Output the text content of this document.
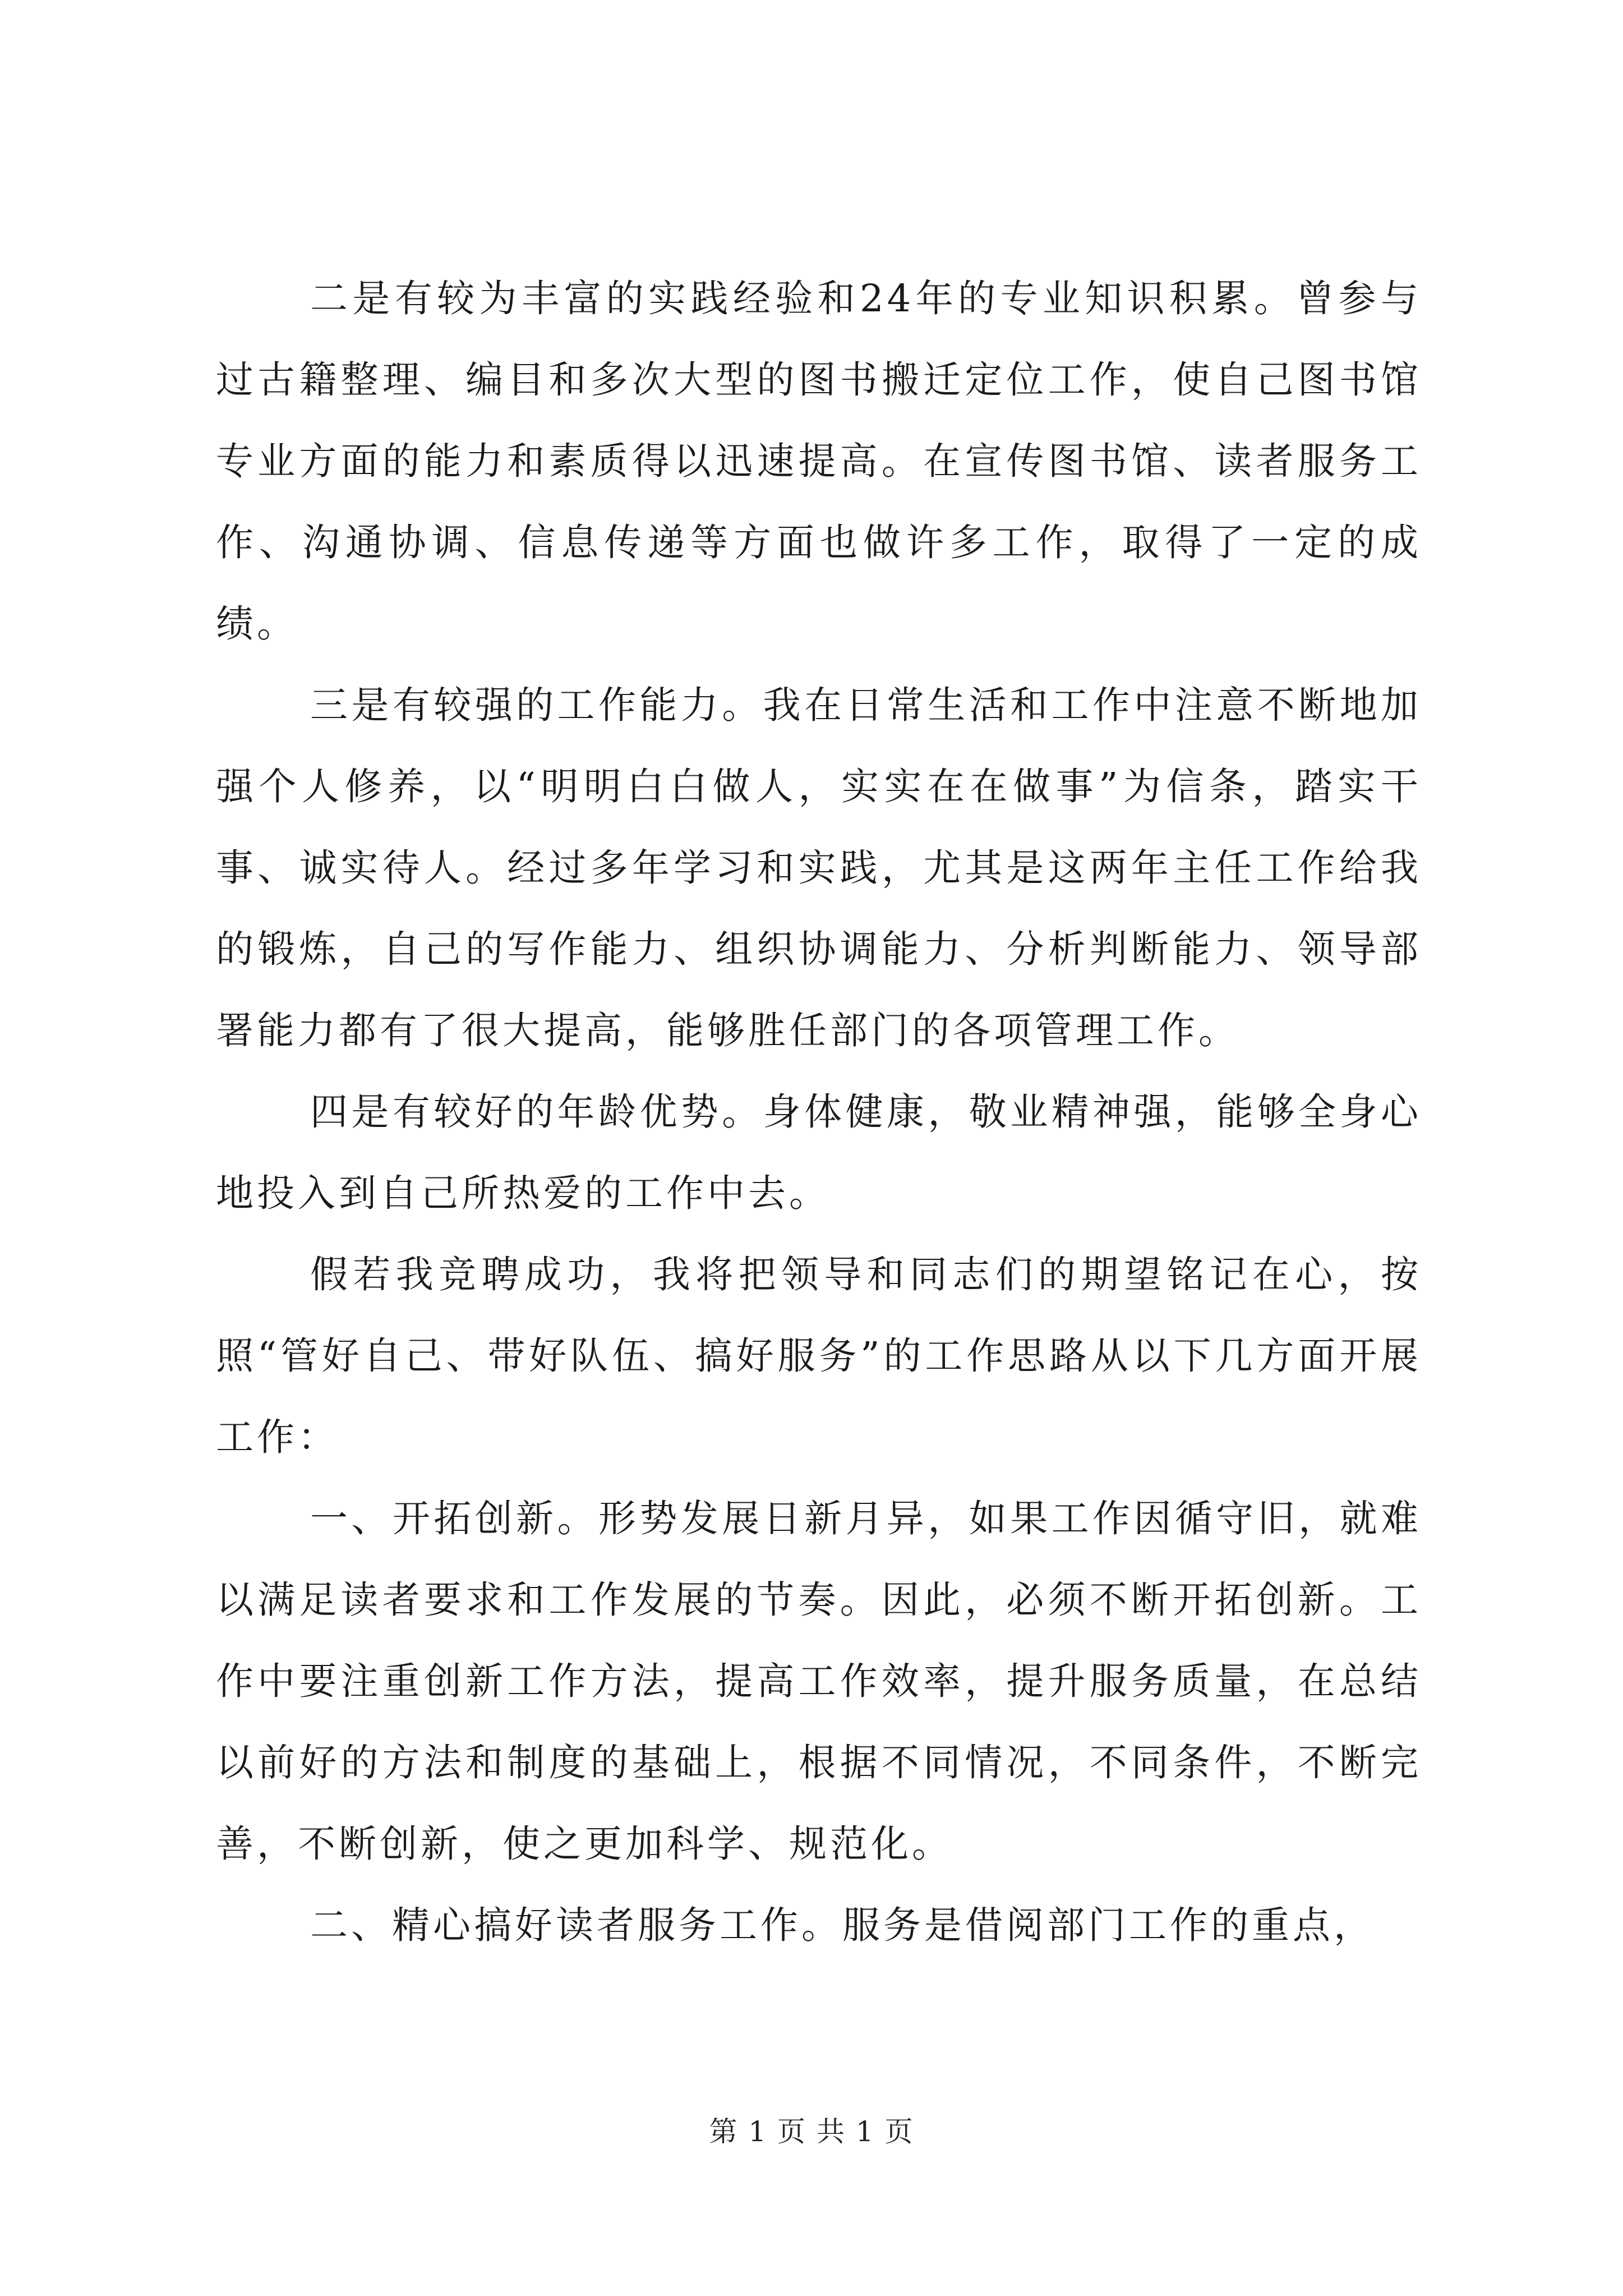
二是有较为丰富的实践经验和24年的专业知识积累。曾参与过古籍整理、编目和多次大型的图书搬迁定位工作，使自己图书馆专业方面的能力和素质得以迅速提高。在宣传图书馆、读者服务工作、沟通协调、信息传递等方面也做许多工作，取得了一定的成绩。

三是有较强的工作能力。我在日常生活和工作中注意不断地加强个人修养，以“明明白白做人，实实在在做事”为信条，踏实干事、诚实待人。经过多年学习和实践，尤其是这两年主任工作给我的锻炼，自己的写作能力、组织协调能力、分析判断能力、领导部署能力都有了很大提高，能够胜任部门的各项管理工作。

四是有较好的年龄优势。身体健康，敬业精神强，能够全身心地投入到自己所热爱的工作中去。

假若我竞聘成功，我将把领导和同志们的期望铭记在心，按照“管好自己、带好队伍、搞好服务”的工作思路从以下几方面开展工作：

一、开拓创新。形势发展日新月异，如果工作因循守旧，就难以满足读者要求和工作发展的节奏。因此，必须不断开拓创新。工作中要注重创新工作方法，提高工作效率，提升服务质量，在总结以前好的方法和制度的基础上，根据不同情况，不同条件，不断完善，不断创新，使之更加科学、规范化。

二、精心搞好读者服务工作。服务是借阅部门工作的重点，

第 1 页 共 1 页
